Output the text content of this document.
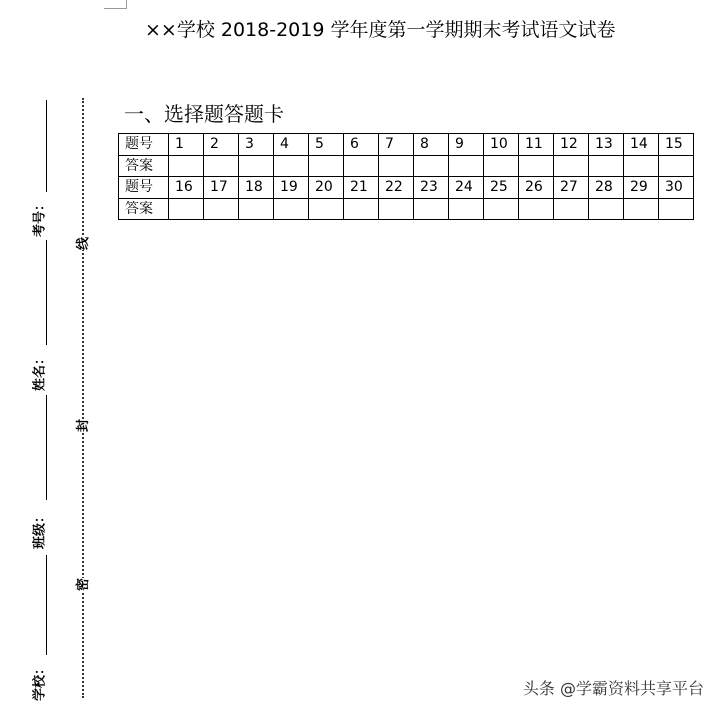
××学校 2018-2019 学年度第一学期期末考试语文试卷
一、选择题答题卡
题号	1	2	3	4	5	6	7	8	9	10	11	12	13	14	15
答案															
题号	16	17	18	19	20	21	22	23	24	25	26	27	28	29	30
答案															
考号：
姓名：
班级：
学校：
线
封
密
头条 @学霸资料共享平台
